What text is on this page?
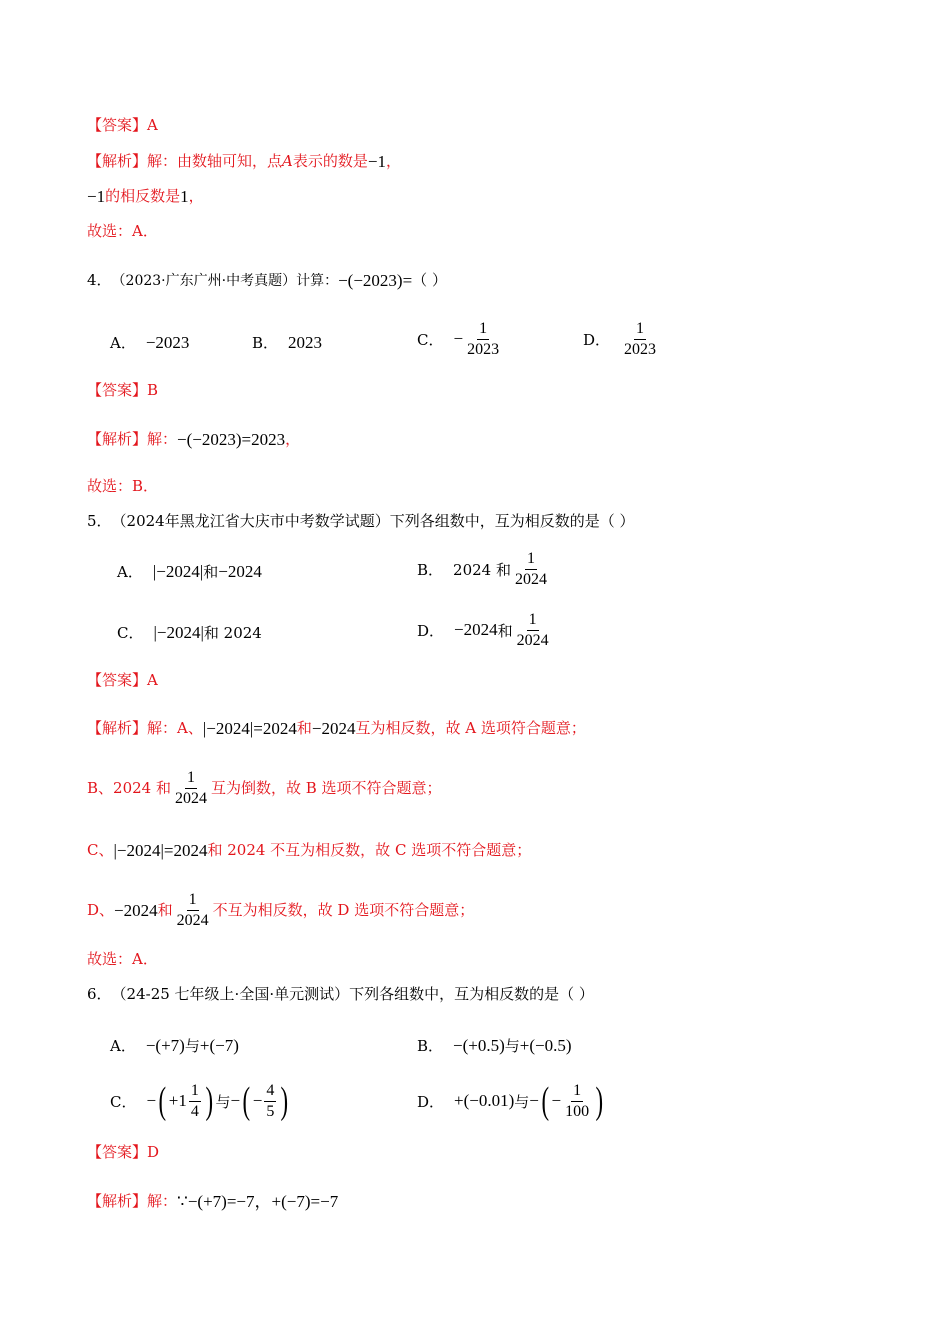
【答案】 A
【解析】 解：由数轴可知，点 A 表示的数是 −1 ，
−1 的相反数是 1 ，
故选：A．
4． （2023·广东广州·中考真题）计算： −(−2023)= （ ）
A． −2023	B． 2023	C． − $\frac{1}{2023}$	D． $\frac{1}{2023}$
【答案】 B
【解析】 解： −(−2023)=2023 ，
故选：B．
5． （2024年黑龙江省大庆市中考数学试题）下列各组数中，互为相反数的是（ ）
A． |−2024| 和 −2024	B． 2024 和 $\frac{1}{2024}$
C． |−2024| 和 2024	D． −2024 和 $\frac{1}{2024}$
【答案】 A
【解析】 解：A、 |−2024|=2024 和 −2024 互为相反数，故 A 选项符合题意；
B、2024 和 $\frac{1}{2024}$ 互为倒数，故 B 选项不符合题意；
C、 |−2024|=2024 和 2024 不互为相反数，故 C 选项不符合题意；
D、 −2024 和 $\frac{1}{2024}$ 不互为相反数，故 D 选项不符合题意；
故选：A．
6． （24-25 七年级上·全国·单元测试）下列各组数中，互为相反数的是（ ）
A． −(+7) 与 +(−7)	B． −(+0.5) 与 +(−0.5)
C． − ( $+1 \frac{1}{4}$ ) 与 − ( − $\frac{4}{5}$ )	D． +(−0.01) 与 − ( − $\frac{1}{100}$ )
【答案】 D
【解析】 解： ∵−(+7)=−7，+(−7)=−7
